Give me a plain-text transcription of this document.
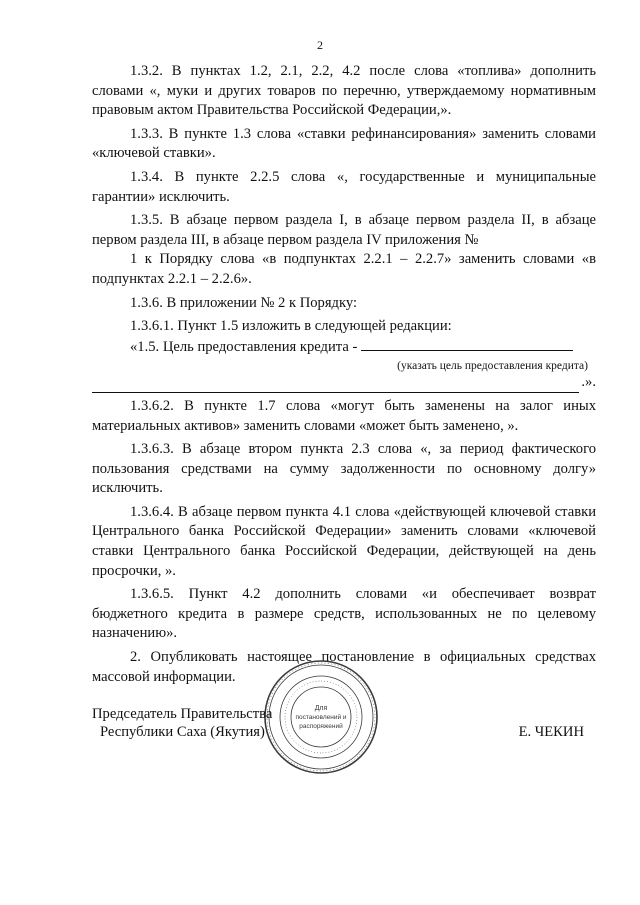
2

1.3.2. В пунктах 1.2, 2.1, 2.2, 4.2 после слова «топлива» дополнить словами «, муки и других товаров по перечню, утверждаемому нормативным правовым актом Правительства Российской Федерации,».

1.3.3. В пункте 1.3 слова «ставки рефинансирования» заменить словами «ключевой ставки».

1.3.4. В пункте 2.2.5 слова «, государственные и муниципальные гарантии» исключить.

1.3.5. В абзаце первом раздела I, в абзаце первом раздела II, в абзаце первом раздела III, в абзаце первом раздела IV приложения №

1 к Порядку слова «в подпунктах 2.2.1 – 2.2.7» заменить словами «в подпунктах 2.2.1 – 2.2.6».

1.3.6. В приложении № 2 к Порядку:

1.3.6.1. Пункт 1.5 изложить в следующей редакции:

«1.5. Цель предоставления кредита -

(указать цель предоставления кредита)
.».

1.3.6.2. В пункте 1.7 слова «могут быть заменены на залог иных материальных активов» заменить словами «может быть заменено, ».

1.3.6.3. В абзаце втором пункта 2.3 слова «, за период фактического пользования средствами на сумму задолженности по основному долгу» исключить.

1.3.6.4. В абзаце первом пункта 4.1 слова «действующей ключевой ставки Центрального банка Российской Федерации» заменить словами «ключевой ставки Центрального банка Российской Федерации, действующей на день просрочки, ».

1.3.6.5. Пункт 4.2 дополнить словами «и обеспечивает возврат бюджетного кредита в размере средств, использованных не по целевому назначению».

2. Опубликовать настоящее постановление в официальных средствах массовой информации.

Для
постановлений и
распоряжений
Председатель Правительства
Республики Саха (Якутия)	Е. ЧЕКИН
